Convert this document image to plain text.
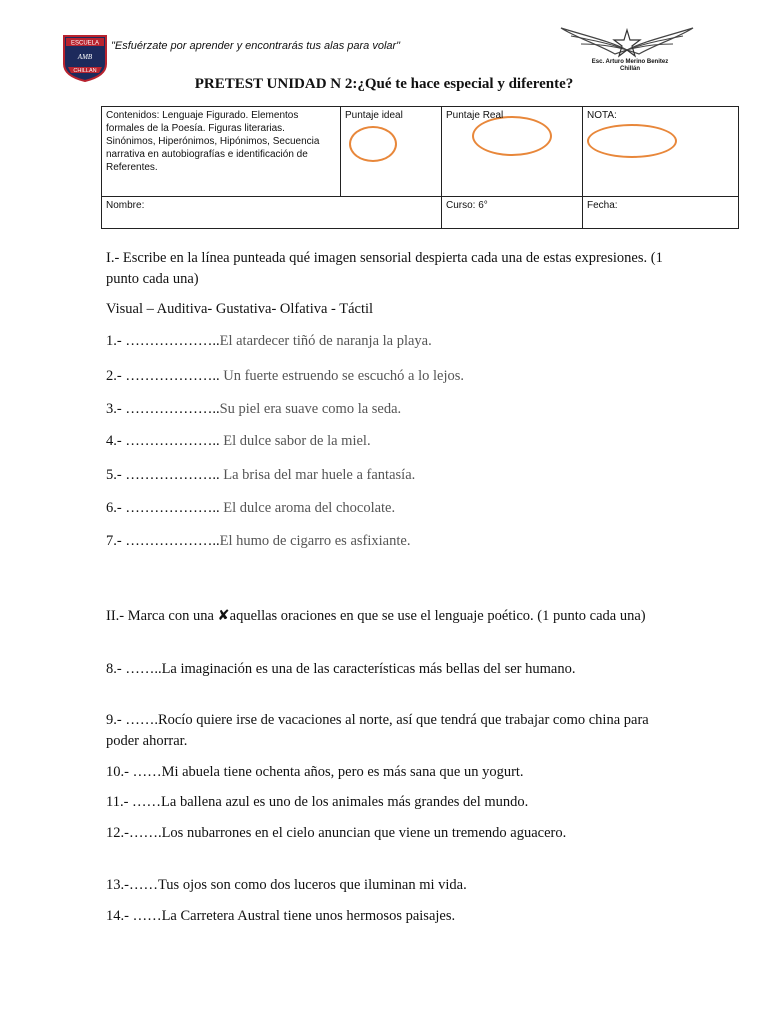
ESCUELA
AMB
CHILLAN
"Esfuérzate por aprender y encontrarás tus alas para volar"
Esc. Arturo Merino Benitez
Chillán
PRETEST UNIDAD N 2:¿Qué te hace especial y diferente?
Contenidos: Lenguaje Figurado. Elementos formales de la Poesía. Figuras literarias. Sinónimos, Hiperónimos, Hipónimos, Secuencia narrativa en autobiografías e identificación de Referentes.	Puntaje ideal	Puntaje Real	NOTA:

Nombre:		Curso: 6°	Fecha:
I.- Escribe en la línea punteada qué imagen sensorial despierta cada una de estas expresiones. (1 punto cada una)
Visual – Auditiva- Gustativa- Olfativa - Táctil
1.- ………………..El atardecer tiñó de naranja la playa.
2.- ……………….. Un fuerte estruendo se escuchó a lo lejos.
3.- ………………..Su piel era suave como la seda.
4.- ……………….. El dulce sabor de la miel.
5.- ……………….. La brisa del mar huele a fantasía.
6.- ……………….. El dulce aroma del chocolate.
7.- ………………..El humo de cigarro es asfixiante.
II.- Marca con una ✘aquellas oraciones en que se use el lenguaje poético. (1 punto cada una)
8.- ……..La imaginación es una de las características más bellas del ser humano.
9.- …….Rocío quiere irse de vacaciones al norte, así que tendrá que trabajar como china para poder ahorrar.
10.- ……Mi abuela tiene ochenta años, pero es más sana que un yogurt.
11.- ……La ballena azul es uno de los animales más grandes del mundo.
12.-…….Los nubarrones en el cielo anuncian que viene un tremendo aguacero.
13.-……Tus ojos son como dos luceros que iluminan mi vida.
14.- ……La Carretera Austral tiene unos hermosos paisajes.
